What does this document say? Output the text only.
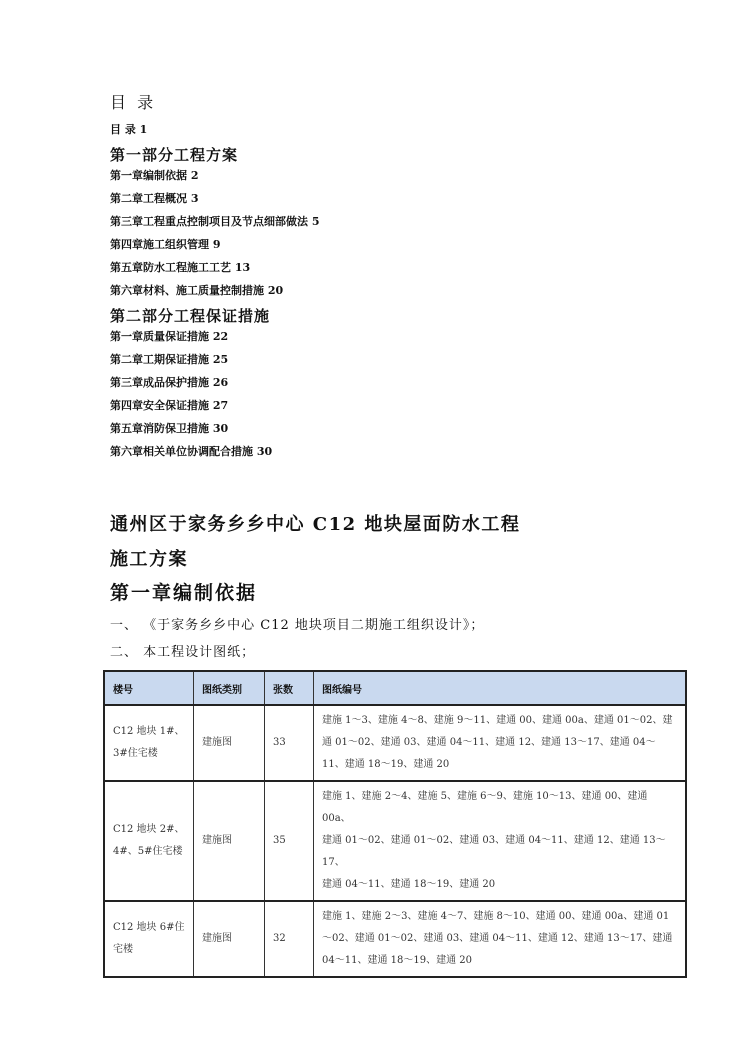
目 录
目 录 1
第一部分工程方案
第一章编制依据 2
第二章工程概况 3
第三章工程重点控制项目及节点细部做法 5
第四章施工组织管理 9
第五章防水工程施工工艺 13
第六章材料、施工质量控制措施 20
第二部分工程保证措施
第一章质量保证措施 22
第二章工期保证措施 25
第三章成品保护措施 26
第四章安全保证措施 27
第五章消防保卫措施 30
第六章相关单位协调配合措施 30
通州区于家务乡乡中心 C12 地块屋面防水工程
施工方案
第一章编制依据
一、 《于家务乡乡中心 C12 地块项目二期施工组织设计》；
二、 本工程设计图纸；
楼号	图纸类别	张数	图纸编号
C12 地块 1#、3#住宅楼	建施图	33	建施 1～3、建施 4～8、建施 9～11、建通 00、建通 00a、建通 01～02、建通 01～02、建通 03、建通 04～11、建通 12、建通 13～17、建通 04～11、建通 18～19、建通 20

C12 地块 2#、4#、5#住宅楼	建施图	35	建施 1、建施 2～4、建施 5、建施 6～9、建施 10～13、建通 00、建通 00a、
建通 01～02、建通 01～02、建通 03、建通 04～11、建通 12、建通 13～17、
建通 04～11、建通 18～19、建通 20

C12 地块 6#住宅楼	建施图	32	建施 1、建施 2～3、建施 4～7、建施 8～10、建通 00、建通 00a、建通 01～02、建通 01～02、建通 03、建通 04～11、建通 12、建通 13～17、建通 04～11、建通 18～19、建通 20
